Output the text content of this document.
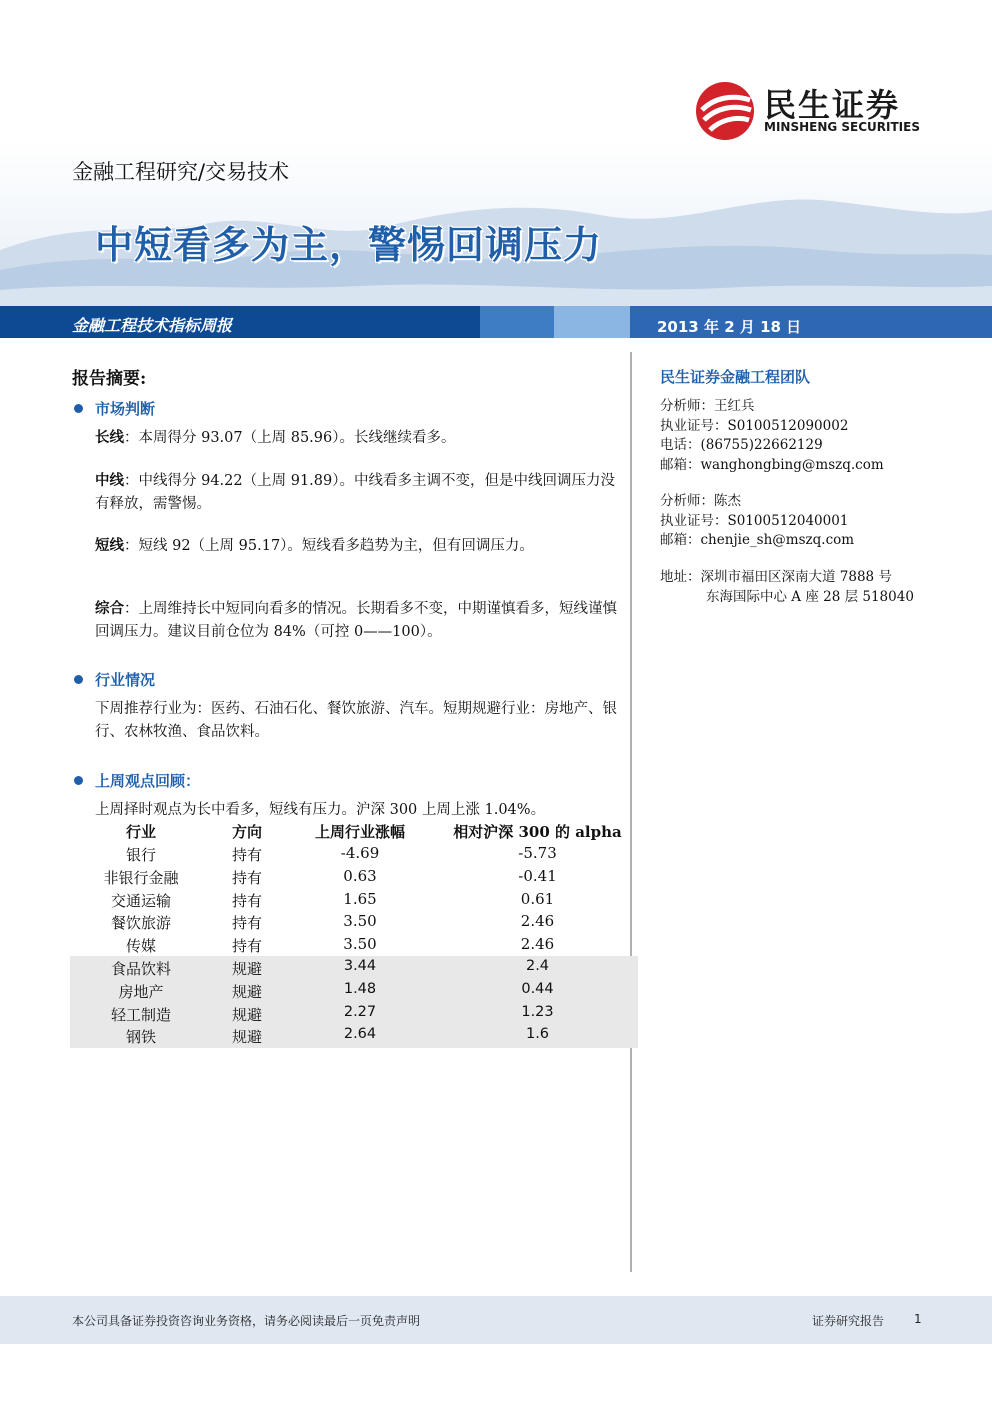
民生证券
MINSHENG SECURITIES
金融工程研究/交易技术
中短看多为主，警惕回调压力
金融工程技术指标周报	2013 年 2 月 18 日
报告摘要:
市场判断
长线：本周得分 93.07（上周 85.96）。长线继续看多。
中线：中线得分 94.22（上周 91.89）。中线看多主调不变，但是中线回调压力没有释放，需警惕。
短线：短线 92（上周 95.17）。短线看多趋势为主，但有回调压力。
综合：上周维持长中短同向看多的情况。长期看多不变，中期谨慎看多，短线谨慎回调压力。建议目前仓位为 84%（可控 0——100）。
行业情况
下周推荐行业为：医药、石油石化、餐饮旅游、汽车。短期规避行业：房地产、银行、农林牧渔、食品饮料。
上周观点回顾：
上周择时观点为长中看多，短线有压力。沪深 300 上周上涨 1.04%。
行业	方向	上周行业涨幅	相对沪深 300 的 alpha
银行	持有	-4.69	-5.73
非银行金融	持有	0.63	-0.41
交通运输	持有	1.65	0.61
餐饮旅游	持有	3.50	2.46
传媒	持有	3.50	2.46
食品饮料	规避	3.44	2.4
房地产	规避	1.48	0.44
轻工制造	规避	2.27	1.23
钢铁	规避	2.64	1.6
民生证券金融工程团队
分析师：王红兵
执业证号：S0100512090002
电话：(86755)22662129
邮箱：wanghongbing@mszq.com
分析师：陈杰
执业证号：S0100512040001
邮箱：chenjie_sh@mszq.com
地址：深圳市福田区深南大道 7888 号
东海国际中心 A 座 28 层 518040
本公司具备证券投资咨询业务资格，请务必阅读最后一页免责声明	证券研究报告 1
